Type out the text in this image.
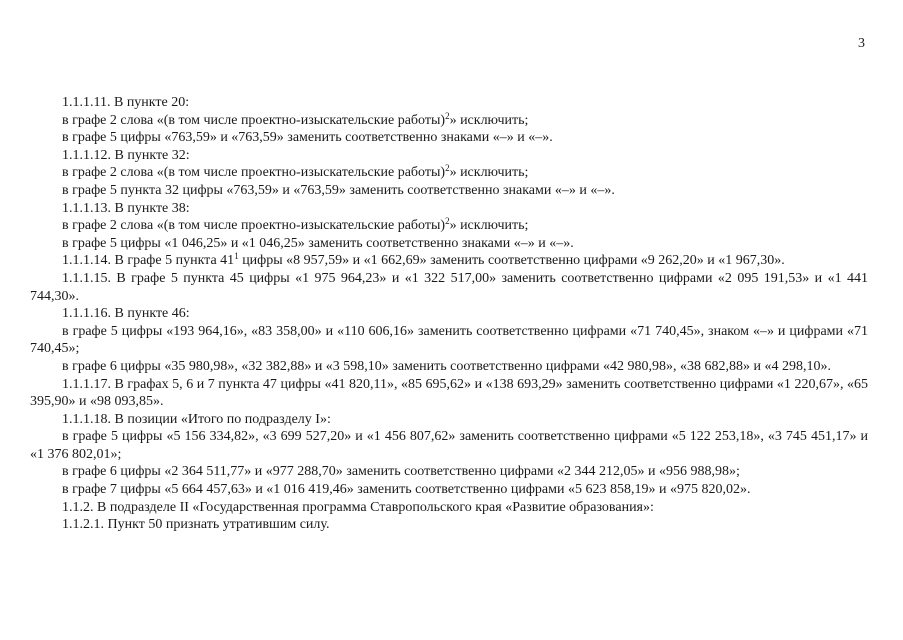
3

1.1.1.11. В пункте 20:

в графе 2 слова «(в том числе проектно-изыскательские работы)$^2$» исключить;

в графе 5 цифры «763,59» и «763,59» заменить соответственно знаками «–» и «–».

1.1.1.12. В пункте 32:

в графе 2 слова «(в том числе проектно-изыскательские работы)$^2$» исключить;

в графе 5 пункта 32 цифры «763,59» и «763,59» заменить соответственно знаками «–» и «–».

1.1.1.13. В пункте 38:

в графе 2 слова «(в том числе проектно-изыскательские работы)$^2$» исключить;

в графе 5 цифры «1 046,25» и «1 046,25» заменить соответственно знаками «–» и «–».

1.1.1.14. В графе 5 пункта $41^1$ цифры «8 957,59» и «1 662,69» заменить соответственно цифрами «9 262,20» и «1 967,30».

1.1.1.15. В графе 5 пункта 45 цифры «1 975 964,23» и «1 322 517,00» заменить соответственно цифрами «2 095 191,53» и «1 441 744,30».

1.1.1.16. В пункте 46:

в графе 5 цифры «193 964,16», «83 358,00» и «110 606,16» заменить соответственно цифрами «71 740,45», знаком «–» и цифрами «71 740,45»;

в графе 6 цифры «35 980,98», «32 382,88» и «3 598,10» заменить соответственно цифрами «42 980,98», «38 682,88» и «4 298,10».

1.1.1.17. В графах 5, 6 и 7 пункта 47 цифры «41 820,11», «85 695,62» и «138 693,29» заменить соответственно цифрами «1 220,67», «65 395,90» и «98 093,85».

1.1.1.18. В позиции «Итого по подразделу I»:

в графе 5 цифры «5 156 334,82», «3 699 527,20» и «1 456 807,62» заменить соответственно цифрами «5 122 253,18», «3 745 451,17» и «1 376 802,01»;

в графе 6 цифры «2 364 511,77» и «977 288,70» заменить соответственно цифрами «2 344 212,05» и «956 988,98»;

в графе 7 цифры «5 664 457,63» и «1 016 419,46» заменить соответственно цифрами «5 623 858,19» и «975 820,02».

1.1.2. В подразделе II «Государственная программа Ставропольского края «Развитие образования»:

1.1.2.1. Пункт 50 признать утратившим силу.
